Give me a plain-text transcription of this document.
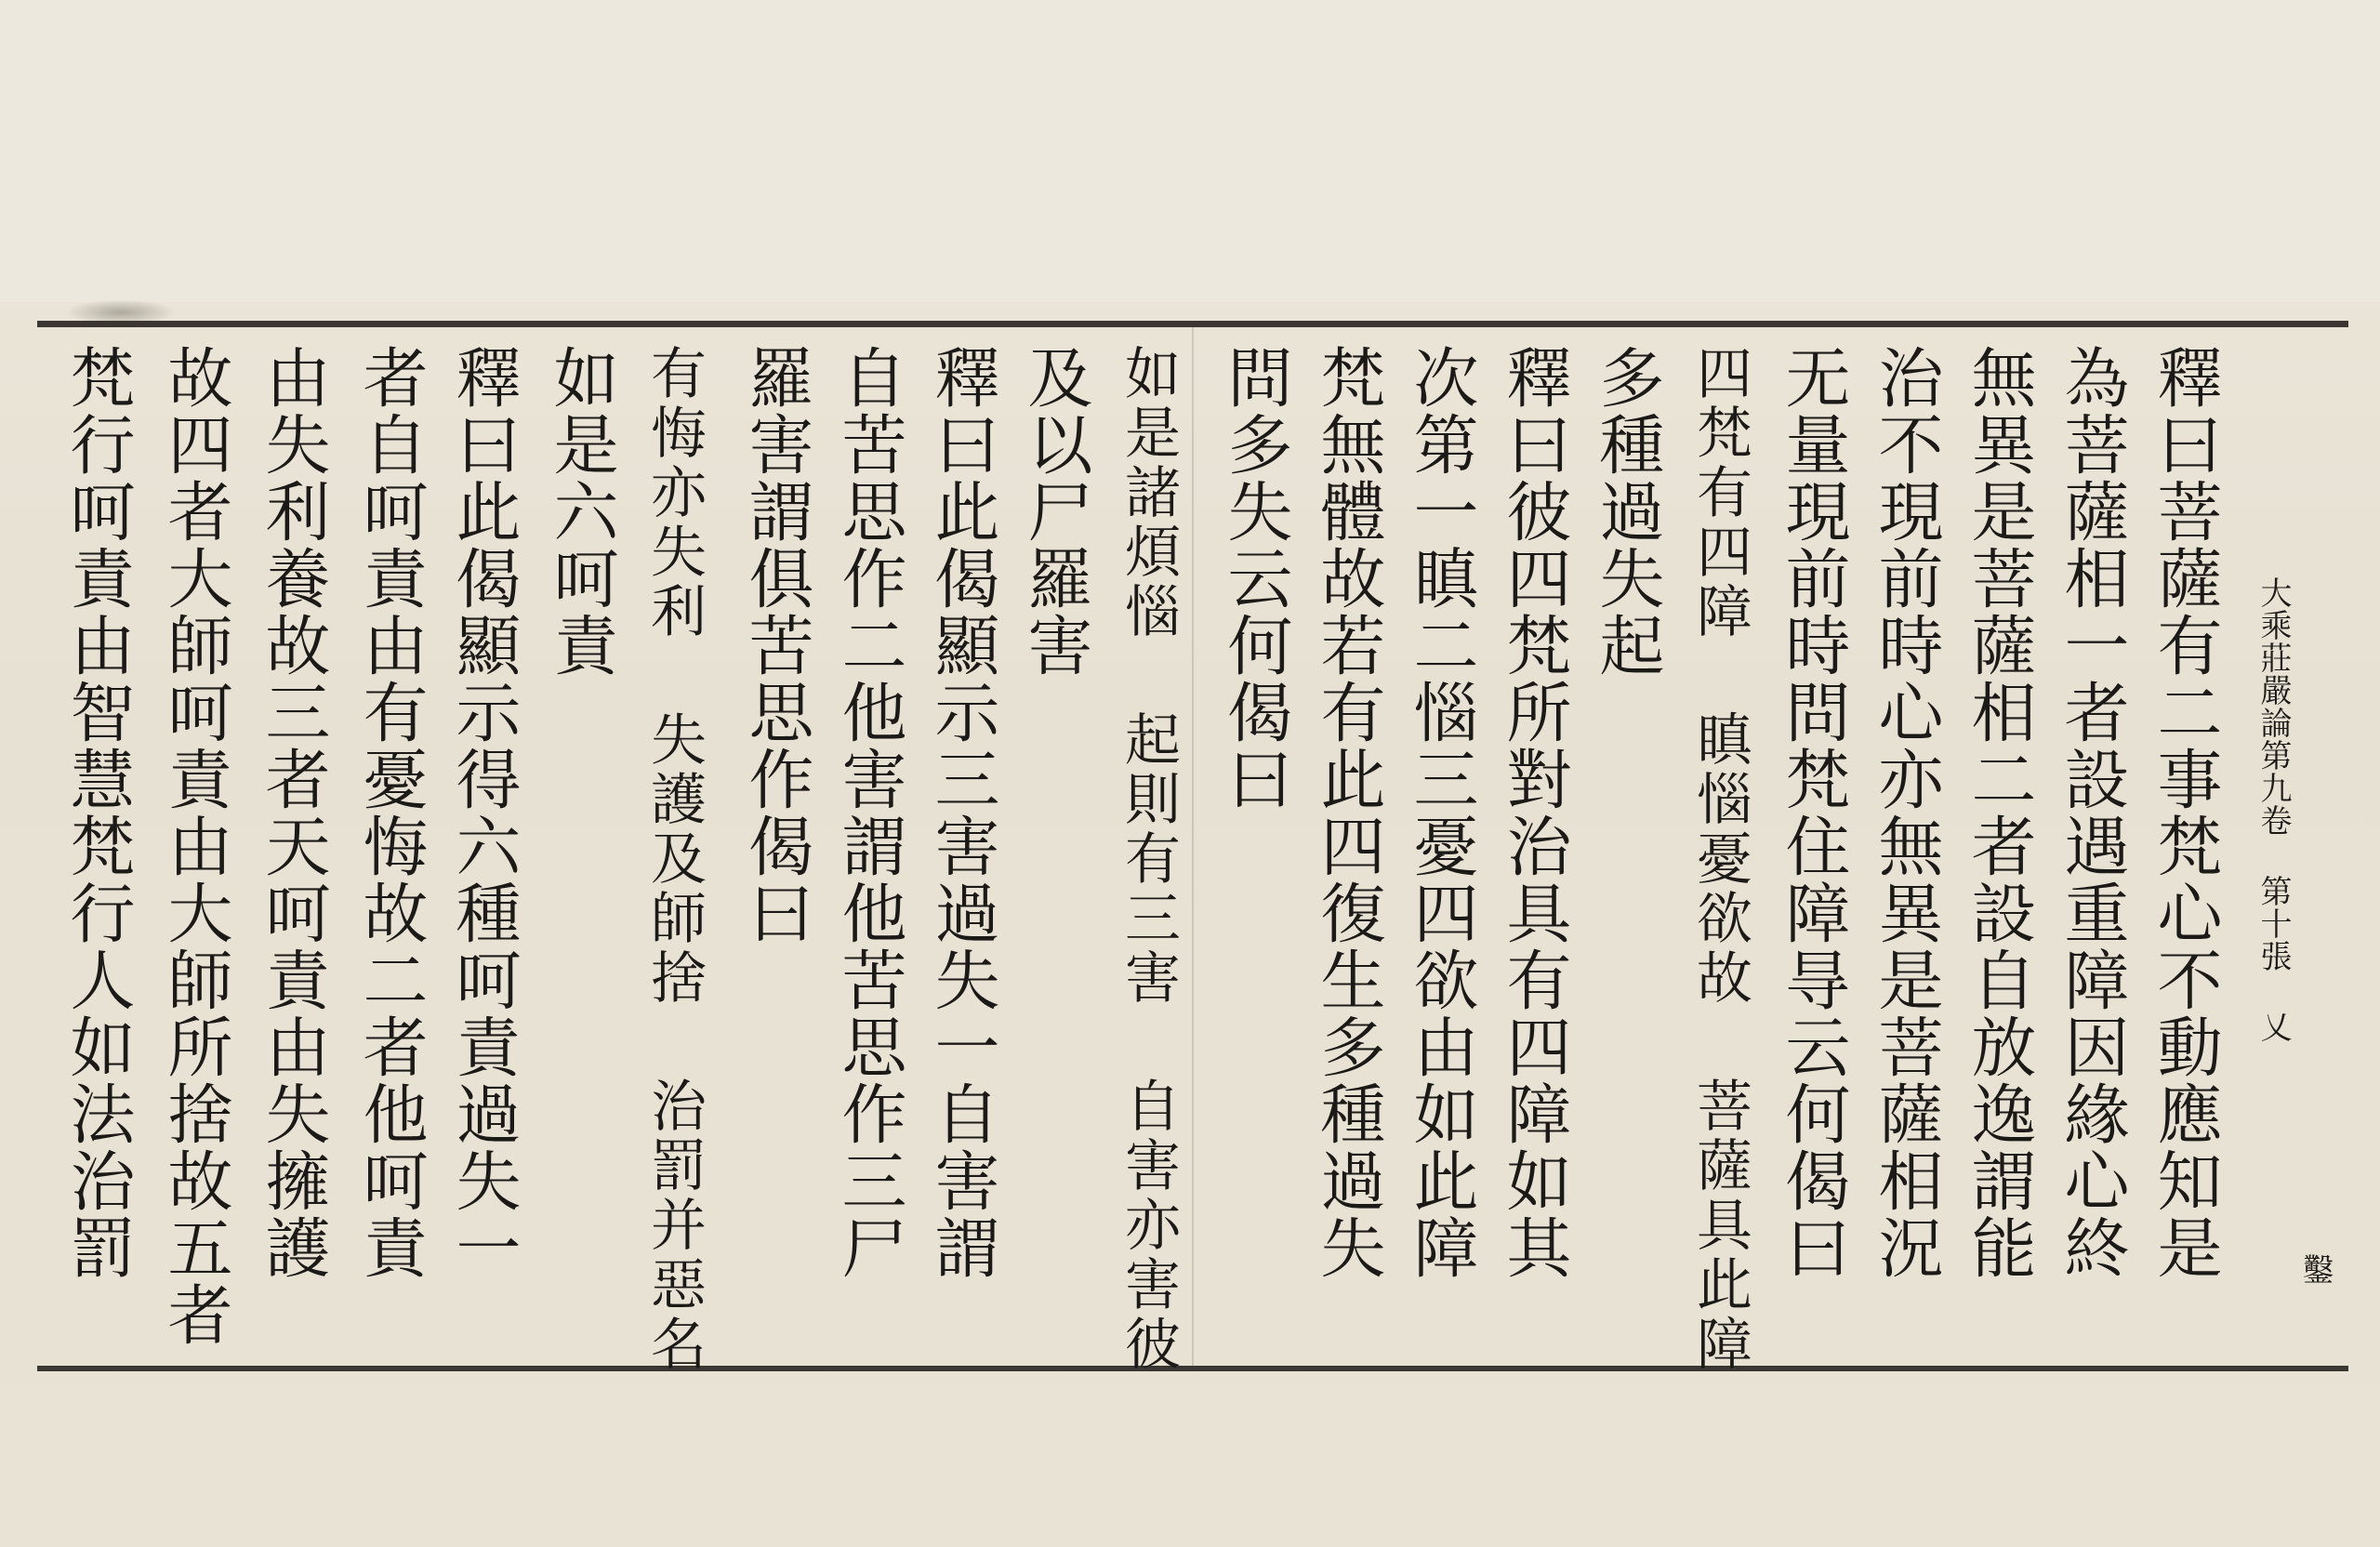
大乘莊嚴論第九卷 第十張 乂
鑿
釋曰菩薩有二事梵心不動應知是
為菩薩相一者設遇重障因緣心終
無異是菩薩相二者設自放逸謂能
治不現前時心亦無異是菩薩相況
无量現前時問梵住障㝵云何偈曰
四梵有四障 瞋惱憂欲故 菩薩具此障
多種過失起
釋曰彼四梵所對治具有四障如其
次第一瞋二惱三憂四欲由如此障
梵無體故若有此四復生多種過失
問多失云何偈曰
如是諸煩惱 起則有三害 自害亦害彼
及以尸羅害
釋曰此偈顯示三害過失一自害謂
自苦思作二他害謂他苦思作三尸
羅害謂俱苦思作偈曰
有悔亦失利 失護及師捨 治罰并惡名
如是六呵責
釋曰此偈顯示得六種呵責過失一
者自呵責由有憂悔故二者他呵責
由失利養故三者天呵責由失擁護
故四者大師呵責由大師所捨故五者
梵行呵責由智慧梵行人如法治罰
